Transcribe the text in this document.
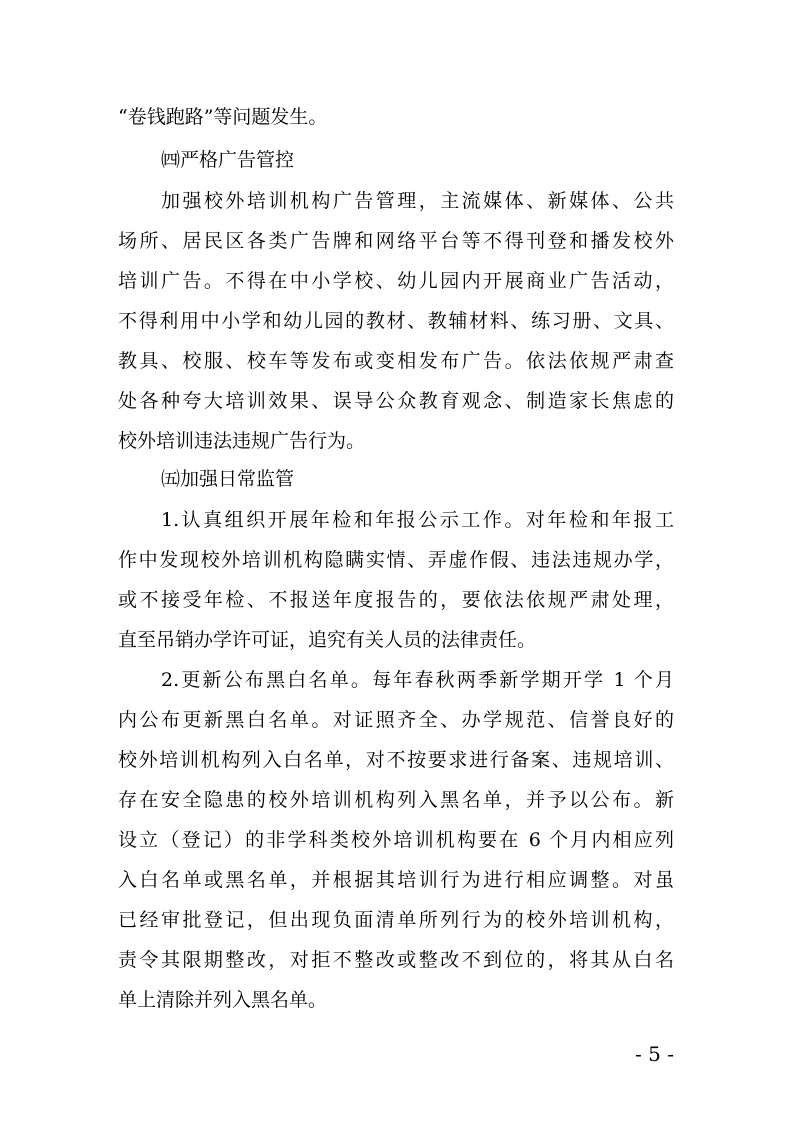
“卷钱跑路”等问题发生。
㈣严格广告管控
加强校外培训机构广告管理，主流媒体、新媒体、公共
场所、居民区各类广告牌和网络平台等不得刊登和播发校外
培训广告。不得在中小学校、幼儿园内开展商业广告活动，
不得利用中小学和幼儿园的教材、教辅材料、练习册、文具、
教具、校服、校车等发布或变相发布广告。依法依规严肃查
处各种夸大培训效果、误导公众教育观念、制造家长焦虑的
校外培训违法违规广告行为。
㈤加强日常监管
1.认真组织开展年检和年报公示工作。对年检和年报工
作中发现校外培训机构隐瞒实情、弄虚作假、违法违规办学，
或不接受年检、不报送年度报告的，要依法依规严肃处理，
直至吊销办学许可证，追究有关人员的法律责任。
2.更新公布黑白名单。每年春秋两季新学期开学 1 个月
内公布更新黑白名单。对证照齐全、办学规范、信誉良好的
校外培训机构列入白名单，对不按要求进行备案、违规培训、
存在安全隐患的校外培训机构列入黑名单，并予以公布。新
设立（登记）的非学科类校外培训机构要在 6 个月内相应列
入白名单或黑名单，并根据其培训行为进行相应调整。对虽
已经审批登记，但出现负面清单所列行为的校外培训机构，
责令其限期整改，对拒不整改或整改不到位的，将其从白名
单上清除并列入黑名单。
- 5 -
